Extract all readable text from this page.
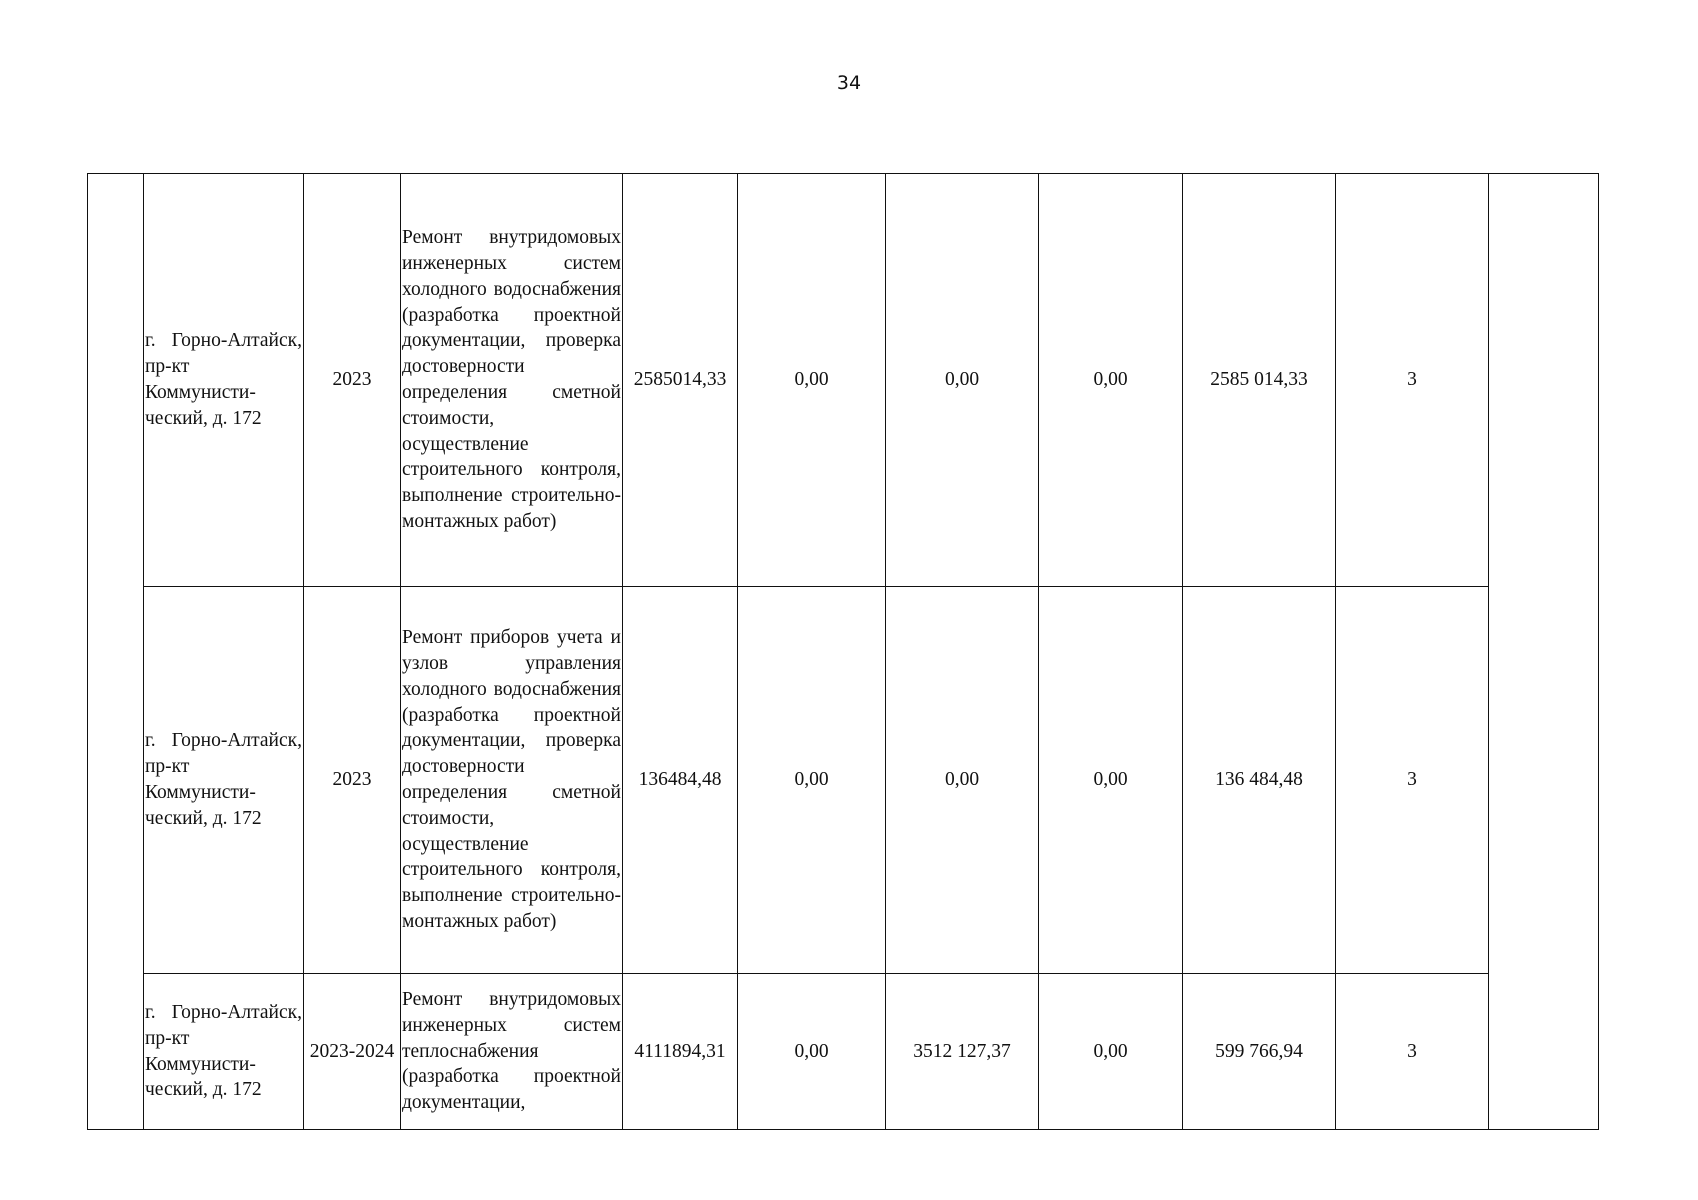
34
	г. Горно-Алтайск, пр-кт Коммунисти-ческий, д. 172	2023	Ремонт внутридомовых инженерных систем холодного водоснабжения (разработка проектной документации, проверка достоверности определения сметной стоимости, осуществление строительного контроля, выполнение строительно-монтажных работ)	2585014,33	0,00	0,00	0,00	2585 014,33	3	
	г. Горно-Алтайск, пр-кт Коммунисти-ческий, д. 172	2023	Ремонт приборов учета и узлов управления холодного водоснабжения (разработка проектной документации, проверка достоверности определения сметной стоимости, осуществление строительного контроля, выполнение строительно-монтажных работ)	136484,48	0,00	0,00	0,00	136 484,48	3	
	г. Горно-Алтайск, пр-кт Коммунисти-ческий, д. 172	2023-2024	Ремонт внутридомовых инженерных систем теплоснабжения (разработка проектной документации,	4111894,31	0,00	3512 127,37	0,00	599 766,94	3	
